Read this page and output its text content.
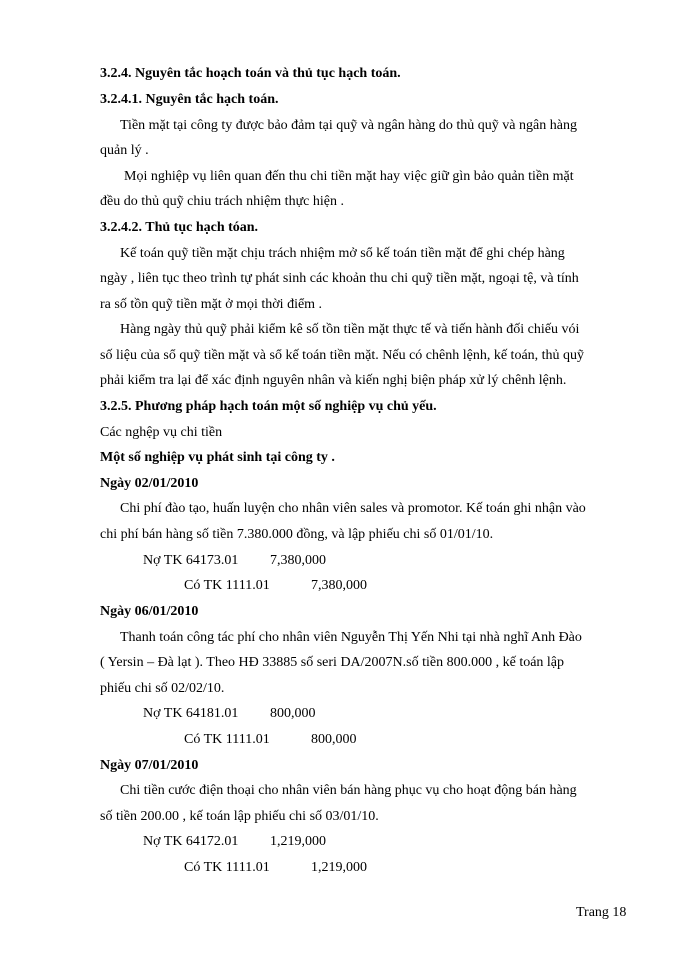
3.2.4. Nguyên tắc hoạch toán và thủ tục hạch toán.
3.2.4.1. Nguyên tắc hạch toán.
Tiền mặt tại công ty được bảo đảm tại quỹ và ngân hàng do thủ quỹ và ngân hàng
quản lý .
Mọi nghiệp vụ liên quan đến thu chi tiền mặt hay việc giữ gìn bảo quản tiền mặt
đều do thủ quỹ chiu trách nhiệm thực hiện .
3.2.4.2. Thủ tục hạch tóan.
Kế toán quỹ tiền mặt chịu trách nhiệm mở sổ kế toán tiền mặt để ghi chép hàng
ngày , liên tục theo trình tự phát sinh các khoản thu chi quỹ tiền mặt, ngoại tệ, và tính
ra số tồn quỹ tiền mặt ở mọi thời điểm .
Hàng ngày thủ quỹ phải kiểm kê số tồn tiền mặt thực tế và tiến hành đối chiếu vói
số liệu của sổ quỹ tiền mặt và sổ kế toán tiền mặt. Nếu có chênh lệnh, kế toán, thủ quỹ
phải kiểm tra lại để xác định nguyên nhân và kiến nghị biện pháp xử lý chênh lệnh.
3.2.5. Phương pháp hạch toán một số nghiệp vụ chủ yếu.
Các nghệp vụ chi tiền
Một số nghiệp vụ phát sinh tại công ty .
Ngày 02/01/2010
Chi phí đào tạo, huấn luyện cho nhân viên sales và promotor. Kế toán ghi nhận vào
chi phí bán hàng số tiền 7.380.000 đồng, và lập phiếu chi số 01/01/10.
Nợ TK 64173.01 7,380,000
Có TK 1111.01	7,380,000
Ngày 06/01/2010
Thanh toán công tác phí cho nhân viên Nguyễn Thị Yến Nhi tại nhà nghĩ Anh Đào
( Yersin – Đà lạt ). Theo HĐ 33885 số seri DA/2007N.số tiền 800.000 , kế toán lập
phiếu chi số 02/02/10.
Nợ TK 64181.01 800,000
Có TK 1111.01	800,000
Ngày 07/01/2010
Chi tiền cước điện thoại cho nhân viên bán hàng phục vụ cho hoạt động bán hàng
số tiền 200.00 , kế toán lập phiếu chi số 03/01/10.
Nợ TK 64172.01 1,219,000
Có TK 1111.01	1,219,000
Trang 18
